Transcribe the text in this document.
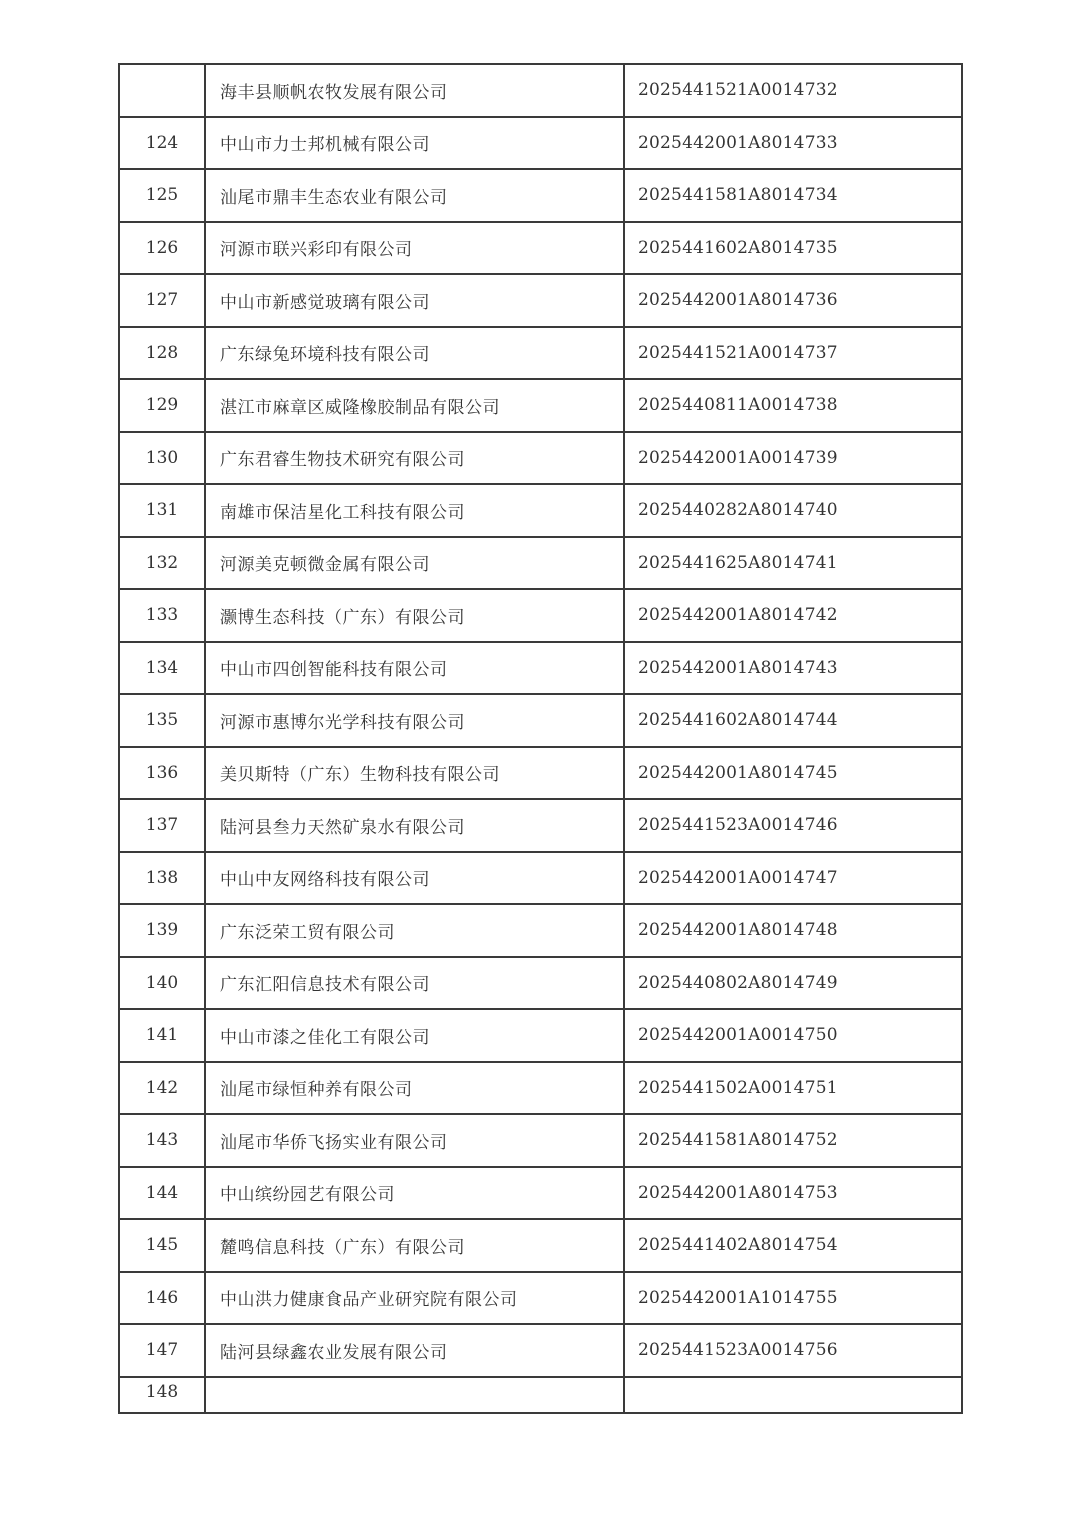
	海丰县顺帆农牧发展有限公司	2025441521A0014732
124	中山市力士邦机械有限公司	2025442001A8014733
125	汕尾市鼎丰生态农业有限公司	2025441581A8014734
126	河源市联兴彩印有限公司	2025441602A8014735
127	中山市新感觉玻璃有限公司	2025442001A8014736
128	广东绿兔环境科技有限公司	2025441521A0014737
129	湛江市麻章区威隆橡胶制品有限公司	2025440811A0014738
130	广东君睿生物技术研究有限公司	2025442001A0014739
131	南雄市保洁星化工科技有限公司	2025440282A8014740
132	河源美克顿微金属有限公司	2025441625A8014741
133	灏博生态科技（广东）有限公司	2025442001A8014742
134	中山市四创智能科技有限公司	2025442001A8014743
135	河源市惠博尔光学科技有限公司	2025441602A8014744
136	美贝斯特（广东）生物科技有限公司	2025442001A8014745
137	陆河县叁力天然矿泉水有限公司	2025441523A0014746
138	中山中友网络科技有限公司	2025442001A0014747
139	广东泛荣工贸有限公司	2025442001A8014748
140	广东汇阳信息技术有限公司	2025440802A8014749
141	中山市漆之佳化工有限公司	2025442001A0014750
142	汕尾市绿恒种养有限公司	2025441502A0014751
143	汕尾市华侨飞扬实业有限公司	2025441581A8014752
144	中山缤纷园艺有限公司	2025442001A8014753
145	麓鸣信息科技（广东）有限公司	2025441402A8014754
146	中山洪力健康食品产业研究院有限公司	2025442001A1014755
147	陆河县绿鑫农业发展有限公司	2025441523A0014756
148		
